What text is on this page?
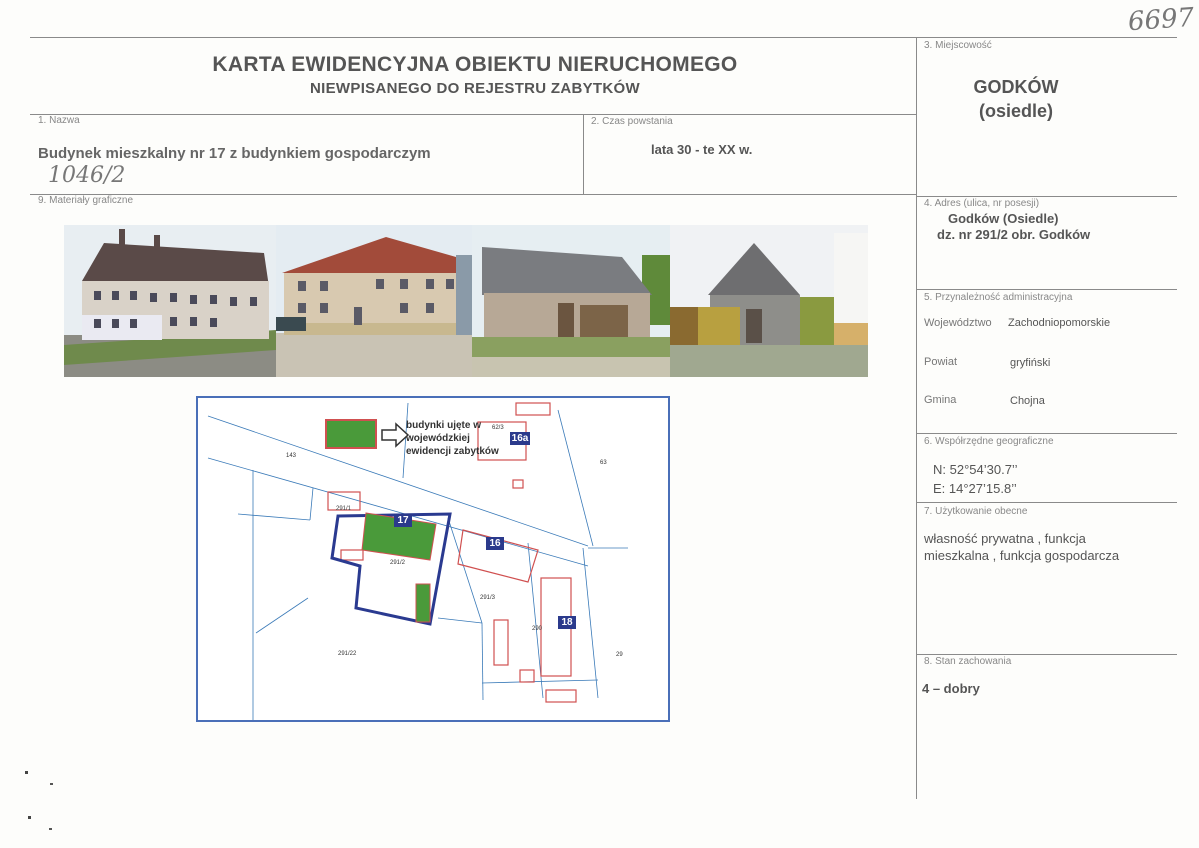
6697
1046/2
KARTA EWIDENCYJNA OBIEKTU NIERUCHOMEGO
NIEWPISANEGO DO REJESTRU ZABYTKÓW
1. Nazwa
Budynek mieszkalny nr 17 z budynkiem gospodarczym
2. Czas powstania
lata 30 - te XX w.
3. Miejscowość
GODKÓW
(osiedle)
4. Adres (ulica, nr posesji)
Godków (Osiedle)
dz. nr 291/2 obr. Godków
5. Przynależność administracyjna
Województwo Zachodniopomorskie
Powiat	gryfiński
Gmina	Chojna
6. Współrzędne geograficzne
N: 52°54’30.7’’
E: 14°27’15.8’’
7. Użytkowanie obecne
własność prywatna , funkcja
mieszkalna , funkcja gospodarcza
8. Stan zachowania
4 – dobry
9. Materiały graficzne
budynki ujęte w
wojewódzkiej
ewidencji zabytków
17
16
16a
18
291/2
291/3
291/22
290
62/3
63
291/1
143
29
